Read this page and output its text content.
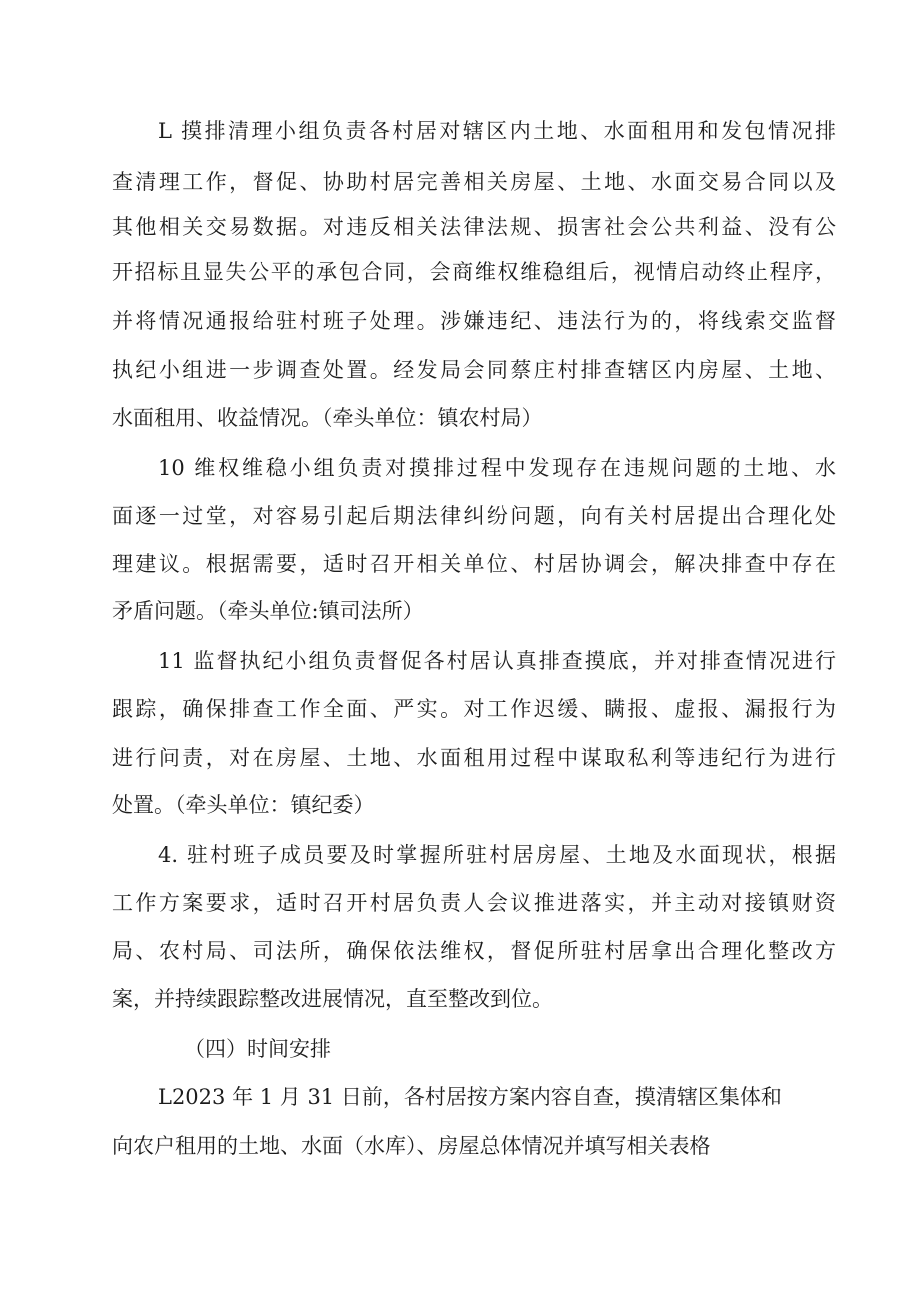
L 摸排清理小组负责各村居对辖区内土地、水面租用和发包情况排

查清理工作，督促、协助村居完善相关房屋、土地、水面交易合同以及

其他相关交易数据。对违反相关法律法规、损害社会公共利益、没有公

开招标且显失公平的承包合同，会商维权维稳组后，视情启动终止程序，

并将情况通报给驻村班子处理。涉嫌违纪、违法行为的，将线索交监督

执纪小组进一步调查处置。经发局会同蔡庄村排查辖区内房屋、土地、

水面租用、收益情况。（牵头单位：镇农村局）

10 维权维稳小组负责对摸排过程中发现存在违规问题的土地、水

面逐一过堂，对容易引起后期法律纠纷问题，向有关村居提出合理化处

理建议。根据需要，适时召开相关单位、村居协调会，解决排查中存在

矛盾问题。（牵头单位:镇司法所）

11 监督执纪小组负责督促各村居认真排查摸底，并对排查情况进行

跟踪，确保排查工作全面、严实。对工作迟缓、瞒报、虚报、漏报行为

进行问责，对在房屋、土地、水面租用过程中谋取私利等违纪行为进行

处置。（牵头单位：镇纪委）

4. 驻村班子成员要及时掌握所驻村居房屋、土地及水面现状，根据

工作方案要求，适时召开村居负责人会议推进落实，并主动对接镇财资

局、农村局、司法所，确保依法维权，督促所驻村居拿出合理化整改方

案，并持续跟踪整改进展情况，直至整改到位。

（四）时间安排

L2023 年 1 月 31 日前，各村居按方案内容自查，摸清辖区集体和

向农户租用的土地、水面（水库）、房屋总体情况并填写相关表格
